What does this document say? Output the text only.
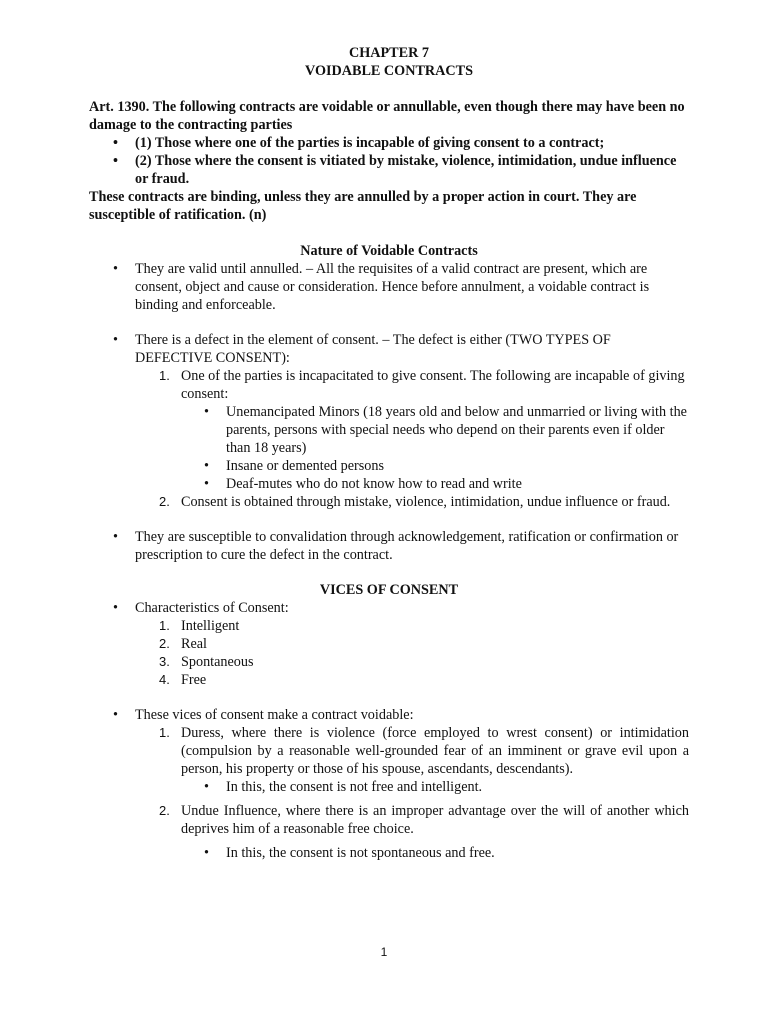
CHAPTER 7

VOIDABLE CONTRACTS

Art. 1390. The following contracts are voidable or annullable, even though there may have been no damage to the contracting parties

• (1) Those where one of the parties is incapable of giving consent to a contract;
• (2) Those where the consent is vitiated by mistake, violence, intimidation, undue influence or fraud.

These contracts are binding, unless they are annulled by a proper action in court. They are susceptible of ratification. (n)

Nature of Voidable Contracts

• They are valid until annulled. – All the requisites of a valid contract are present, which are consent, object and cause or consideration. Hence before annulment, a voidable contract is binding and enforceable.
• There is a defect in the element of consent. – The defect is either (TWO TYPES OF DEFECTIVE CONSENT):
1. One of the parties is incapacitated to give consent. The following are incapable of giving consent:
• Unemancipated Minors (18 years old and below and unmarried or living with the parents, persons with special needs who depend on their parents even if older than 18 years)
• Insane or demented persons
• Deaf-mutes who do not know how to read and write
2. Consent is obtained through mistake, violence, intimidation, undue influence or fraud.
• They are susceptible to convalidation through acknowledgement, ratification or confirmation or prescription to cure the defect in the contract.

VICES OF CONSENT

• Characteristics of Consent:
1. Intelligent
2. Real
3. Spontaneous
4. Free
• These vices of consent make a contract voidable:
1. Duress, where there is violence (force employed to wrest consent) or intimidation (compulsion by a reasonable well-grounded fear of an imminent or grave evil upon a person, his property or those of his spouse, ascendants, descendants).
• In this, the consent is not free and intelligent.
2. Undue Influence, where there is an improper advantage over the will of another which deprives him of a reasonable free choice.
• In this, the consent is not spontaneous and free.
1
